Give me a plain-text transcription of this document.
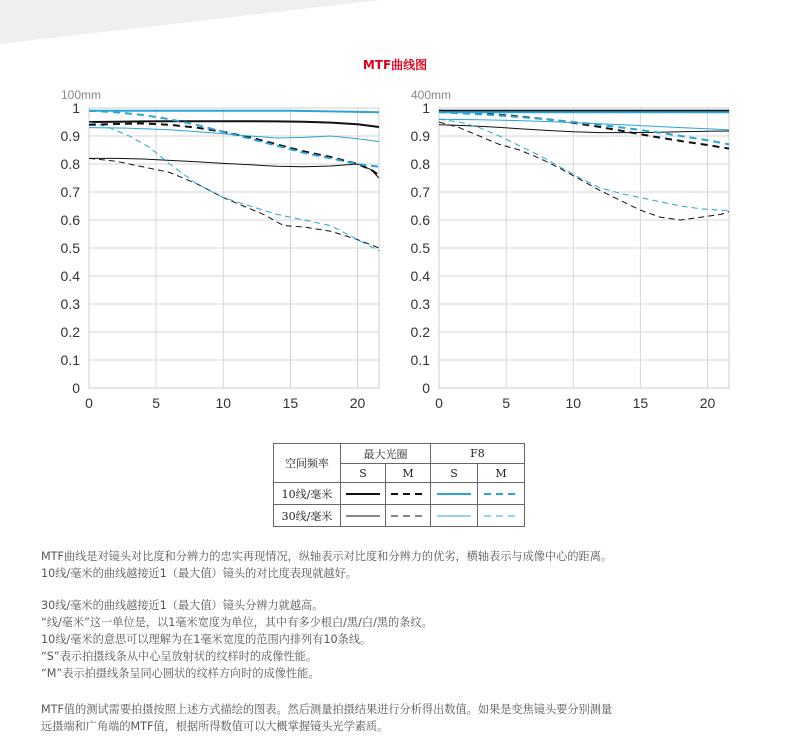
MTF曲线图
100mm
0
0.1
0.2
0.3
0.4
0.5
0.6
0.7
0.8
0.9
1
0	5	10	15	20
400mm
0
0.1
0.2
0.3
0.4
0.5
0.6
0.7
0.8
0.9
1
0	5	10	15	20
空间频率	最大光圈		F8	
	S	M	S	M
10线/毫米	

30线/毫米	

MTF曲线是对镜头对比度和分辨力的忠实再现情况，纵轴表示对比度和分辨力的优劣，横轴表示与成像中心的距离。
10线/毫米的曲线越接近1（最大值）镜头的对比度表现就越好。
30线/毫米的曲线越接近1（最大值）镜头分辨力就越高。
“线/毫米”这一单位是，以1毫米宽度为单位，其中有多少根白/黑/白/黑的条纹。
10线/毫米的意思可以理解为在1毫米宽度的范围内排列有10条线。
“S”表示拍摄线条从中心呈放射状的纹样时的成像性能。
“M”表示拍摄线条呈同心圆状的纹样方向时的成像性能。
MTF值的测试需要拍摄按照上述方式描绘的图表。然后测量拍摄结果进行分析得出数值。如果是变焦镜头要分别测量
远摄端和广角端的MTF值，根据所得数值可以大概掌握镜头光学素质。
